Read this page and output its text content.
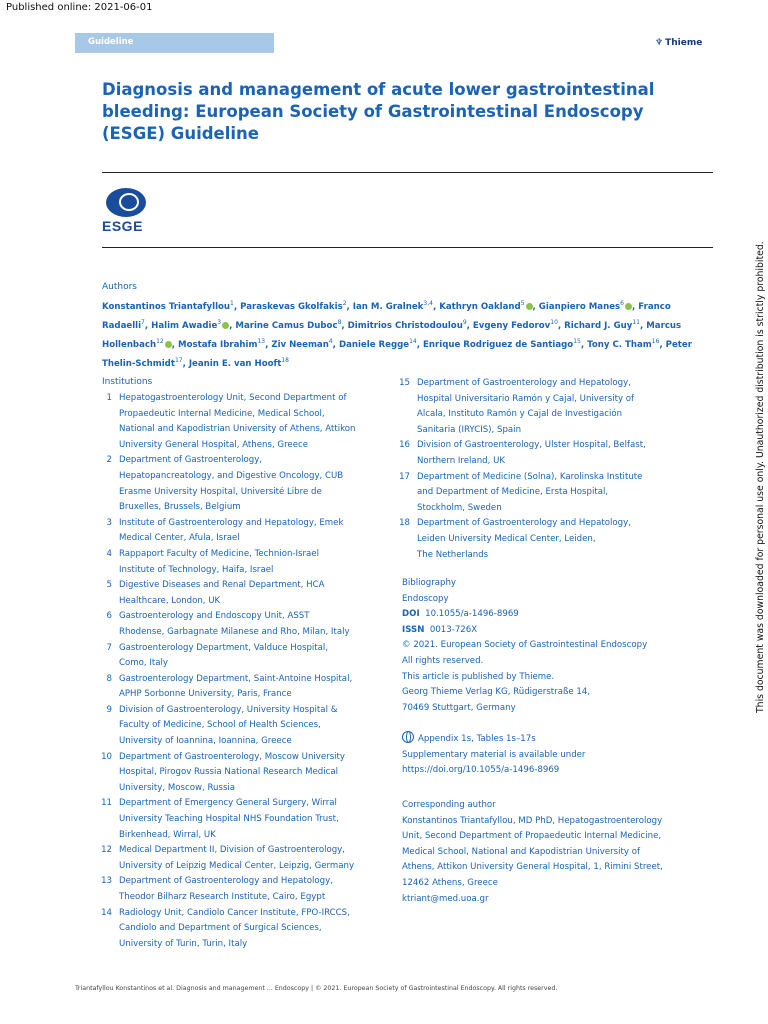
Published online: 2021-06-01
Guideline	♆ Thieme
Diagnosis and management of acute lower gastrointestinal bleeding: European Society of Gastrointestinal Endoscopy (ESGE) Guideline
ESGE
Authors
Konstantinos Triantafyllou$^1$, Paraskevas Gkolfakis$^2$, Ian M. Gralnek$^{3,4}$, Kathryn Oakland$^5$ , Gianpiero Manes$^6$ , Franco Radaelli$^7$, Halim Awadie$^3$ , Marine Camus Duboc$^8$, Dimitrios Christodoulou$^9$, Evgeny Fedorov$^{10}$, Richard J. Guy$^{11}$, Marcus Hollenbach$^{12}$ , Mostafa Ibrahim$^{13}$, Ziv Neeman$^4$, Daniele Regge$^{14}$, Enrique Rodriguez de Santiago$^{15}$, Tony C. Tham$^{16}$, Peter Thelin-Schmidt$^{17}$, Jeanin E. van Hooft$^{18}$
Institutions
1 Hepatogastroenterology Unit, Second Department of
Propaedeutic Internal Medicine, Medical School,
National and Kapodistrian University of Athens, Attikon
University General Hospital, Athens, Greece
2 Department of Gastroenterology,
Hepatopancreatology, and Digestive Oncology, CUB
Erasme University Hospital, Université Libre de
Bruxelles, Brussels, Belgium
3 Institute of Gastroenterology and Hepatology, Emek
Medical Center, Afula, Israel
4 Rappaport Faculty of Medicine, Technion-Israel
Institute of Technology, Haifa, Israel
5 Digestive Diseases and Renal Department, HCA
Healthcare, London, UK
6 Gastroenterology and Endoscopy Unit, ASST
Rhodense, Garbagnate Milanese and Rho, Milan, Italy
7 Gastroenterology Department, Valduce Hospital,
Como, Italy
8 Gastroenterology Department, Saint-Antoine Hospital,
APHP Sorbonne University, Paris, France
9 Division of Gastroenterology, University Hospital &
Faculty of Medicine, School of Health Sciences,
University of Ioannina, Ioannina, Greece
10 Department of Gastroenterology, Moscow University
Hospital, Pirogov Russia National Research Medical
University, Moscow, Russia
11 Department of Emergency General Surgery, Wirral
University Teaching Hospital NHS Foundation Trust,
Birkenhead, Wirral, UK
12 Medical Department II, Division of Gastroenterology,
University of Leipzig Medical Center, Leipzig, Germany
13 Department of Gastroenterology and Hepatology,
Theodor Bilharz Research Institute, Cairo, Egypt
14 Radiology Unit, Candiolo Cancer Institute, FPO-IRCCS,
Candiolo and Department of Surgical Sciences,
University of Turin, Turin, Italy
15 Department of Gastroenterology and Hepatology,
Hospital Universitario Ramón y Cajal, University of
Alcala, Instituto Ramón y Cajal de Investigación
Sanitaria (IRYCIS), Spain
16 Division of Gastroenterology, Ulster Hospital, Belfast,
Northern Ireland, UK
17 Department of Medicine (Solna), Karolinska Institute
and Department of Medicine, Ersta Hospital,
Stockholm, Sweden
18 Department of Gastroenterology and Hepatology,
Leiden University Medical Center, Leiden,
The Netherlands
Bibliography
Endoscopy
DOI 10.1055/a-1496-8969
ISSN 0013-726X
© 2021. European Society of Gastrointestinal Endoscopy
All rights reserved.
This article is published by Thieme.
Georg Thieme Verlag KG, Rüdigerstraße 14,
70469 Stuttgart, Germany
Appendix 1s, Tables 1s–17s
Supplementary material is available under
https://doi.org/10.1055/a-1496-8969
Corresponding author
Konstantinos Triantafyllou, MD PhD, Hepatogastroenterology
Unit, Second Department of Propaedeutic Internal Medicine,
Medical School, National and Kapodistrian University of
Athens, Attikon University General Hospital, 1, Rimini Street,
12462 Athens, Greece
ktriant@med.uoa.gr
This document was downloaded for personal use only. Unauthorized distribution is strictly prohibited.
Triantafyllou Konstantinos et al. Diagnosis and management ... Endoscopy | © 2021. European Society of Gastrointestinal Endoscopy. All rights reserved.
